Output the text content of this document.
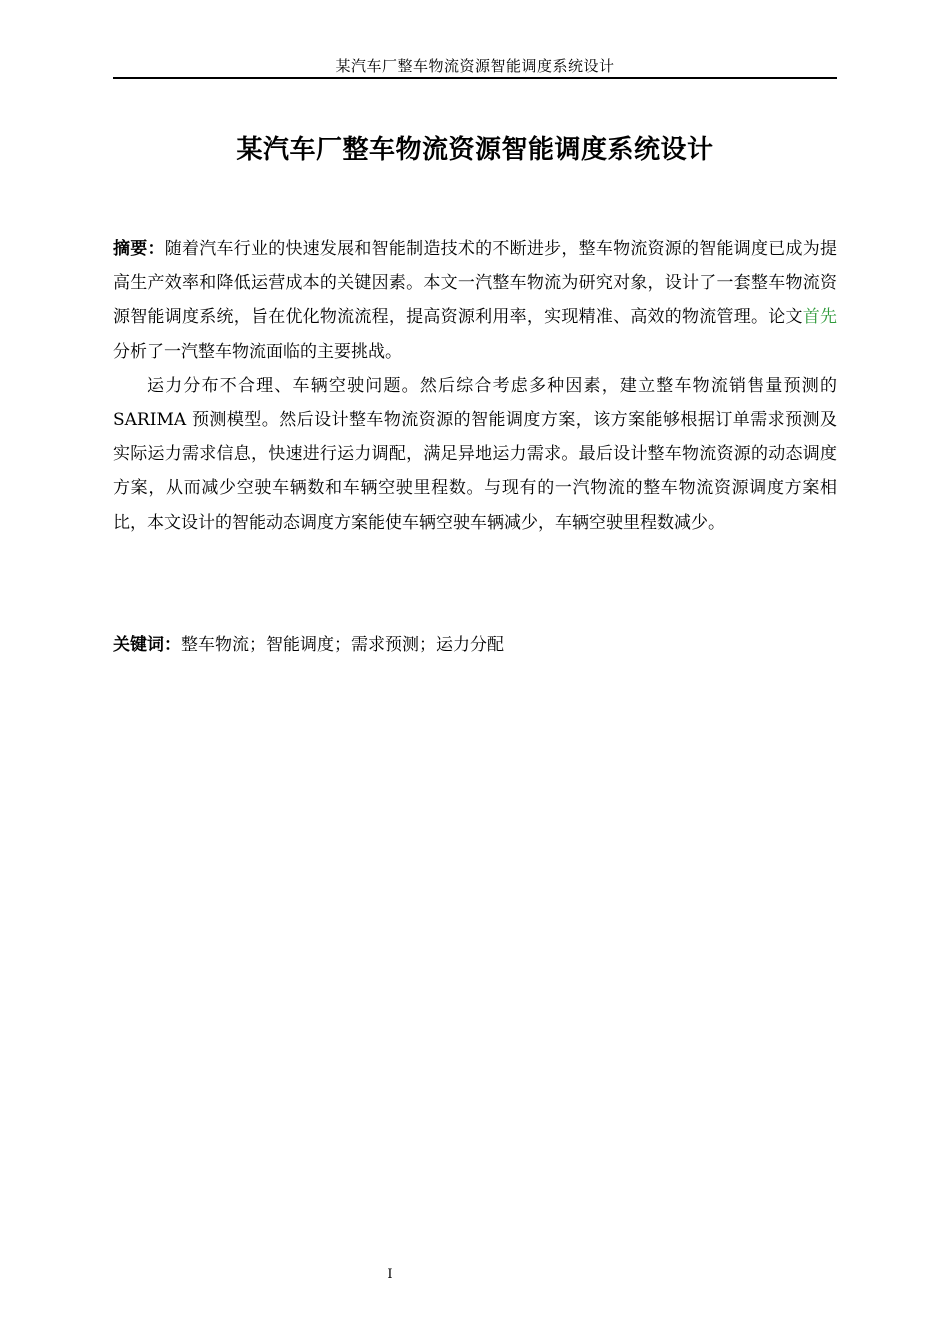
某汽车厂整车物流资源智能调度系统设计
某汽车厂整车物流资源智能调度系统设计

摘要：随着汽车行业的快速发展和智能制造技术的不断进步，整车物流资源的智能调度已成为提高生产效率和降低运营成本的关键因素。本文一汽整车物流为研究对象，设计了一套整车物流资源智能调度系统，旨在优化物流流程，提高资源利用率，实现精准、高效的物流管理。论文首先分析了一汽整车物流面临的主要挑战。

运力分布不合理、车辆空驶问题。然后综合考虑多种因素，建立整车物流销售量预测的 SARIMA 预测模型。然后设计整车物流资源的智能调度方案，该方案能够根据订单需求预测及实际运力需求信息，快速进行运力调配，满足异地运力需求。最后设计整车物流资源的动态调度方案，从而减少空驶车辆数和车辆空驶里程数。与现有的一汽物流的整车物流资源调度方案相比，本文设计的智能动态调度方案能使车辆空驶车辆减少，车辆空驶里程数减少。

关键词：整车物流；智能调度；需求预测；运力分配

I
